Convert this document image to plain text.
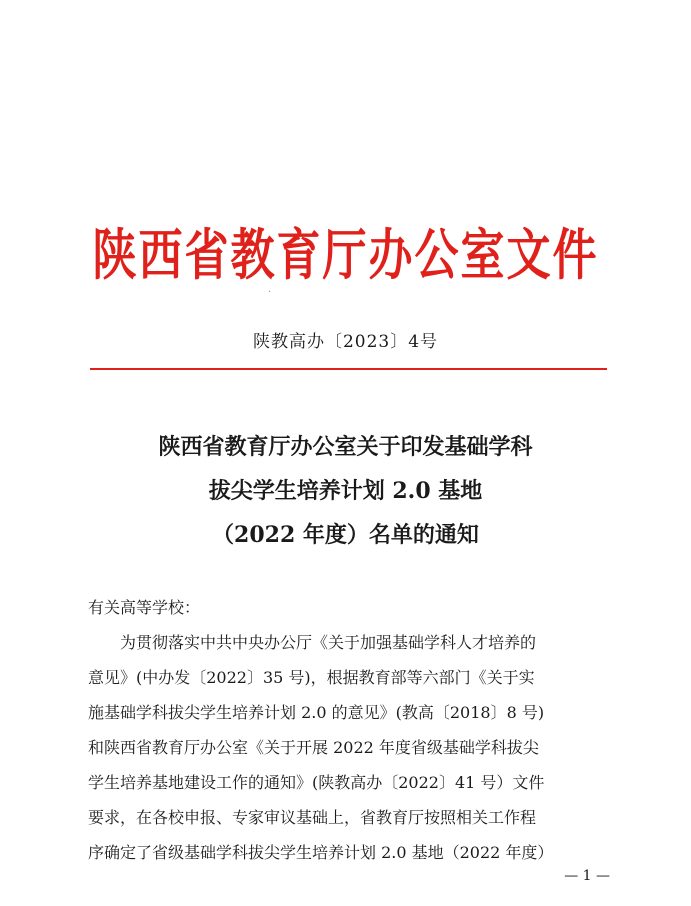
陕西省教育厅办公室文件
·
陕教高办〔2023〕4号
陕西省教育厅办公室关于印发基础学科
拔尖学生培养计划 2.0 基地
（2022 年度）名单的通知

有关高等学校：

为贯彻落实中共中央办公厅《关于加强基础学科人才培养的
意见》(中办发〔2022〕35 号)，根据教育部等六部门《关于实
施基础学科拔尖学生培养计划 2.0 的意见》(教高〔2018〕8 号)
和陕西省教育厅办公室《关于开展 2022 年度省级基础学科拔尖
学生培养基地建设工作的通知》(陕教高办〔2022〕41 号）文件
要求，在各校申报、专家审议基础上，省教育厅按照相关工作程
序确定了省级基础学科拔尖学生培养计划 2.0 基地（2022 年度）

— 1 —
